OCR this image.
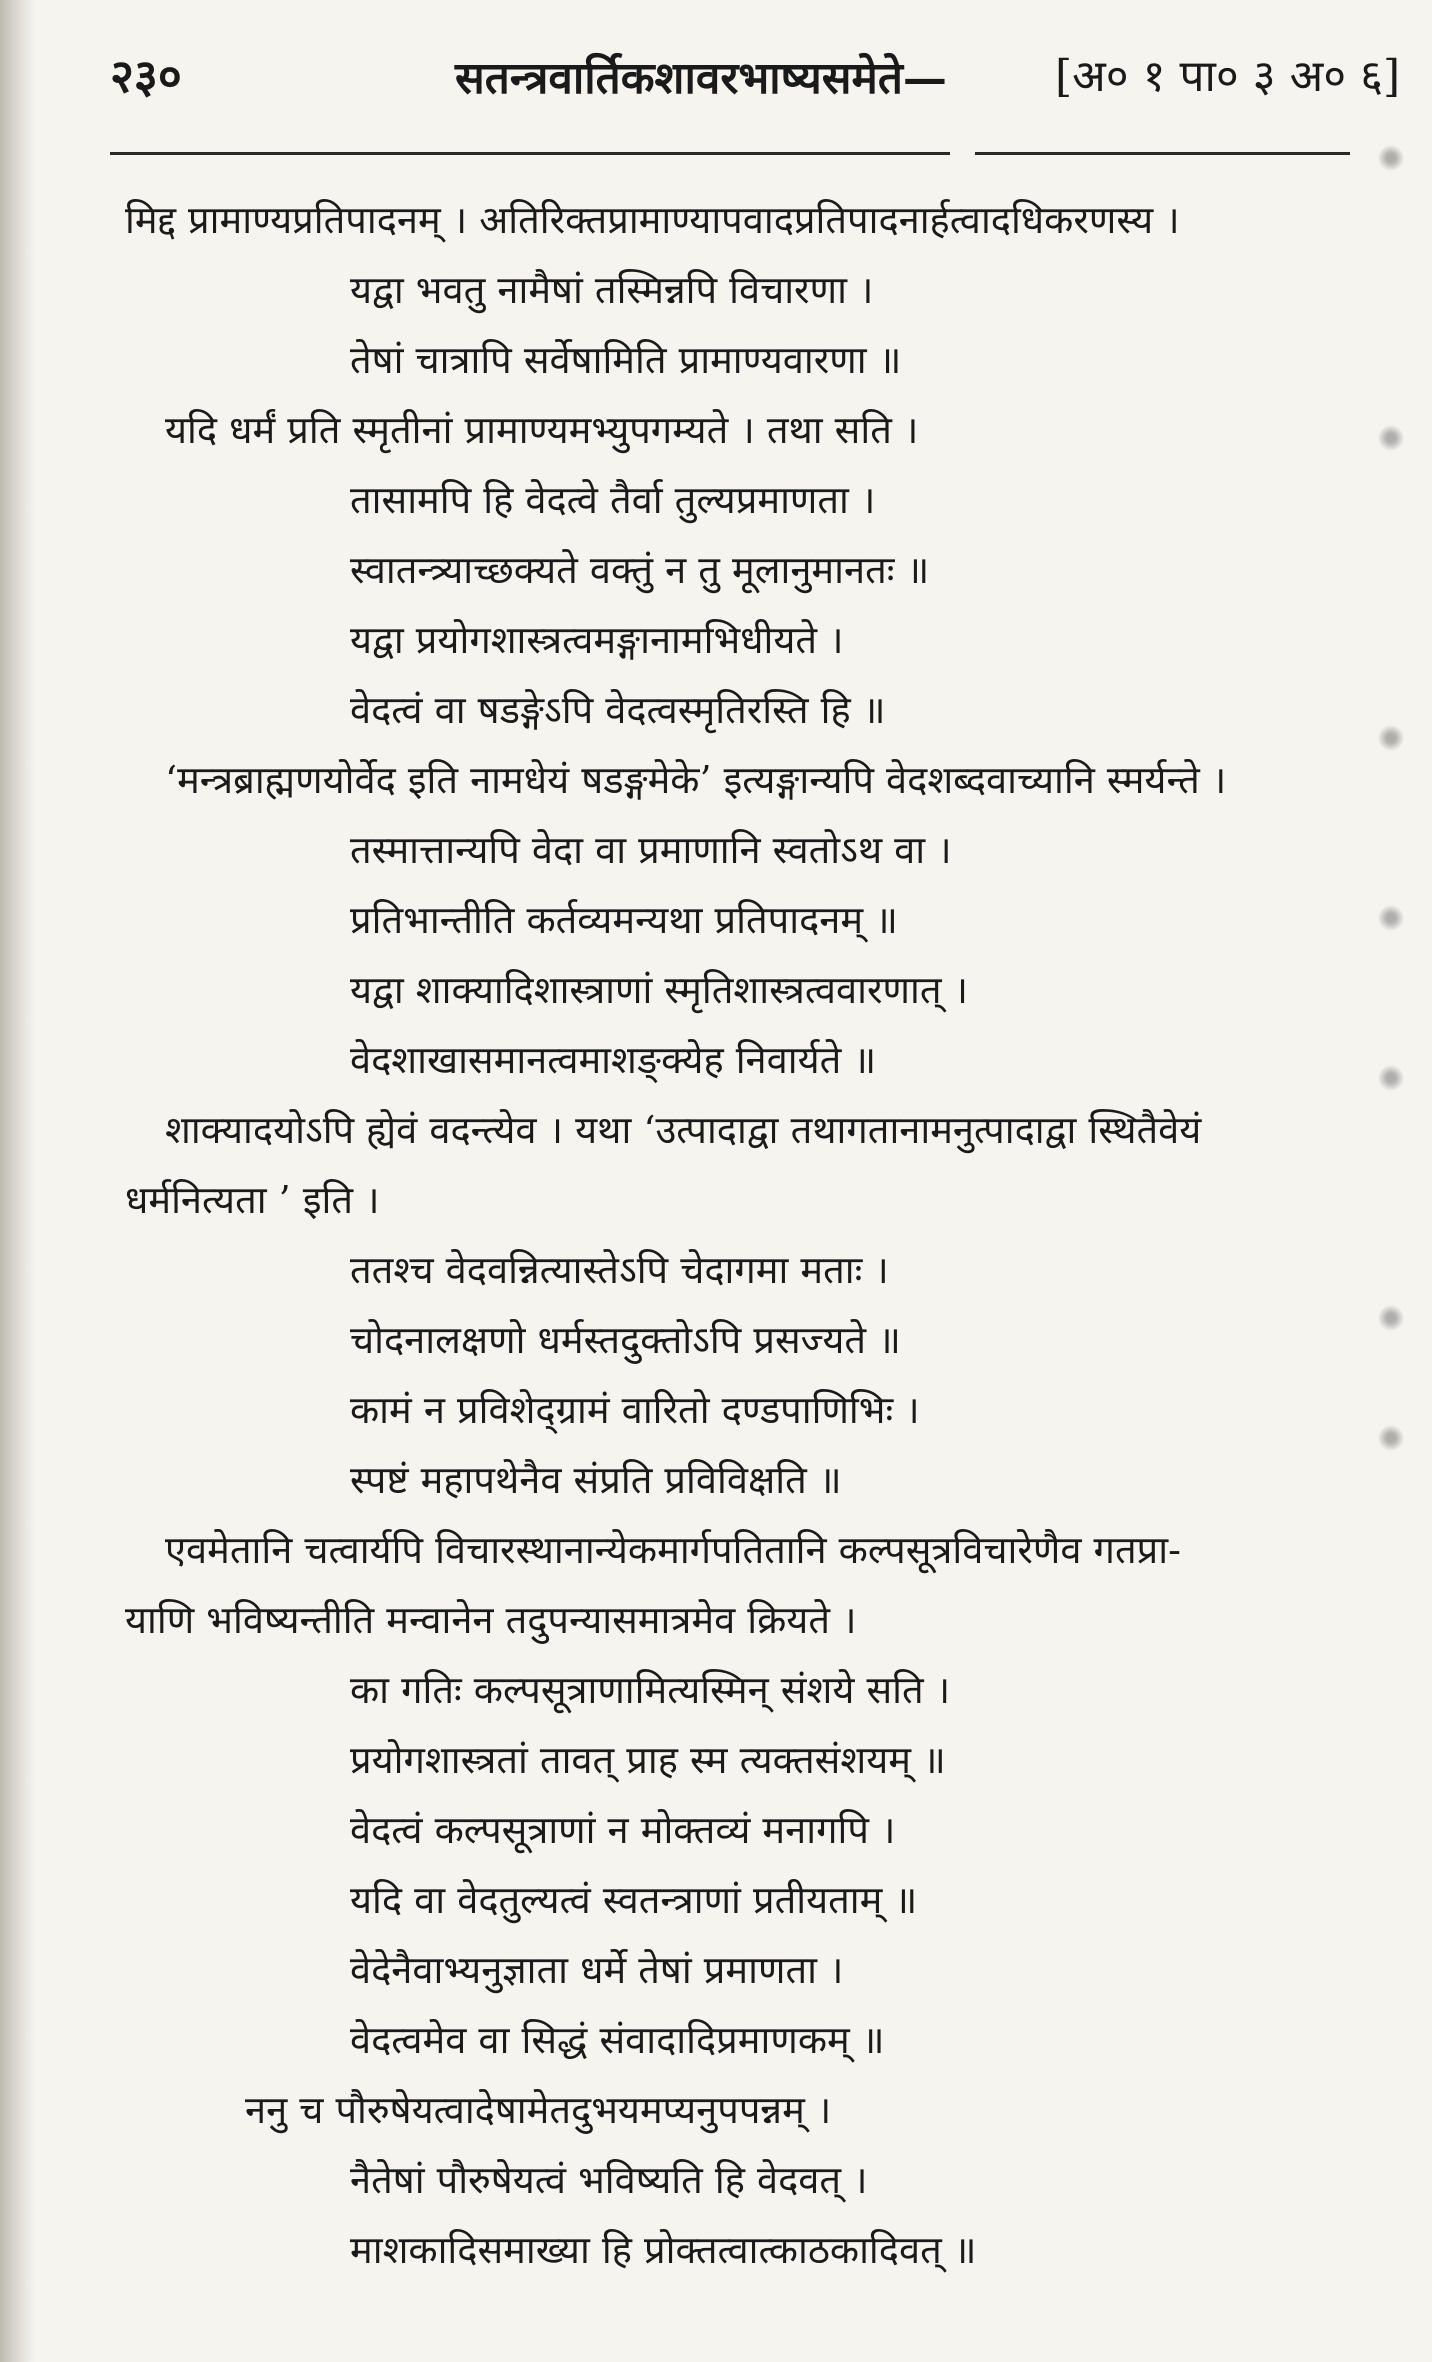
२३०	सतन्त्रवार्तिकशावरभाष्यसमेते— [अ० १ पा० ३ अ० ६]
मिद्द प्रामाण्यप्रतिपादनम् । अतिरिक्तप्रामाण्यापवादप्रतिपादनार्हत्वादधिकरणस्य ।
यद्वा भवतु नामैषां तस्मिन्नपि विचारणा ।
तेषां चात्रापि सर्वेषामिति प्रामाण्यवारणा ॥
यदि धर्मं प्रति स्मृतीनां प्रामाण्यमभ्युपगम्यते । तथा सति ।
तासामपि हि वेदत्वे तैर्वा तुल्यप्रमाणता ।
स्वातन्त्र्याच्छक्यते वक्तुं न तु मूलानुमानतः ॥
यद्वा प्रयोगशास्त्रत्वमङ्गानामभिधीयते ।
वेदत्वं वा षडङ्गेऽपि वेदत्वस्मृतिरस्ति हि ॥
‘मन्त्रब्राह्मणयोर्वेद इति नामधेयं षडङ्गमेके’ इत्यङ्गान्यपि वेदशब्दवाच्यानि स्मर्यन्ते ।
तस्मात्तान्यपि वेदा वा प्रमाणानि स्वतोऽथ वा ।
प्रतिभान्तीति कर्तव्यमन्यथा प्रतिपादनम् ॥
यद्वा शाक्यादिशास्त्राणां स्मृतिशास्त्रत्ववारणात् ।
वेदशाखासमानत्वमाशङ्क्येह निवार्यते ॥
शाक्यादयोऽपि ह्येवं वदन्त्येव । यथा ‘उत्पादाद्वा तथागतानामनुत्पादाद्वा स्थितैवेयं
धर्मनित्यता ’ इति ।
ततश्च वेदवन्नित्यास्तेऽपि चेदागमा मताः ।
चोदनालक्षणो धर्मस्तदुक्तोऽपि प्रसज्यते ॥
कामं न प्रविशेद्ग्रामं वारितो दण्डपाणिभिः ।
स्पष्टं महापथेनैव संप्रति प्रविविक्षति ॥
एवमेतानि चत्वार्यपि विचारस्थानान्येकमार्गपतितानि कल्पसूत्रविचारेणैव गतप्रा-
याणि भविष्यन्तीति मन्वानेन तदुपन्यासमात्रमेव क्रियते ।
का गतिः कल्पसूत्राणामित्यस्मिन् संशये सति ।
प्रयोगशास्त्रतां तावत् प्राह स्म त्यक्तसंशयम् ॥
वेदत्वं कल्पसूत्राणां न मोक्तव्यं मनागपि ।
यदि वा वेदतुल्यत्वं स्वतन्त्राणां प्रतीयताम् ॥
वेदेनैवाभ्यनुज्ञाता धर्मे तेषां प्रमाणता ।
वेदत्वमेव वा सिद्धं संवादादिप्रमाणकम् ॥
ननु च पौरुषेयत्वादेषामेतदुभयमप्यनुपपन्नम् ।
नैतेषां पौरुषेयत्वं भविष्यति हि वेदवत् ।
माशकादिसमाख्या हि प्रोक्तत्वात्काठकादिवत् ॥
